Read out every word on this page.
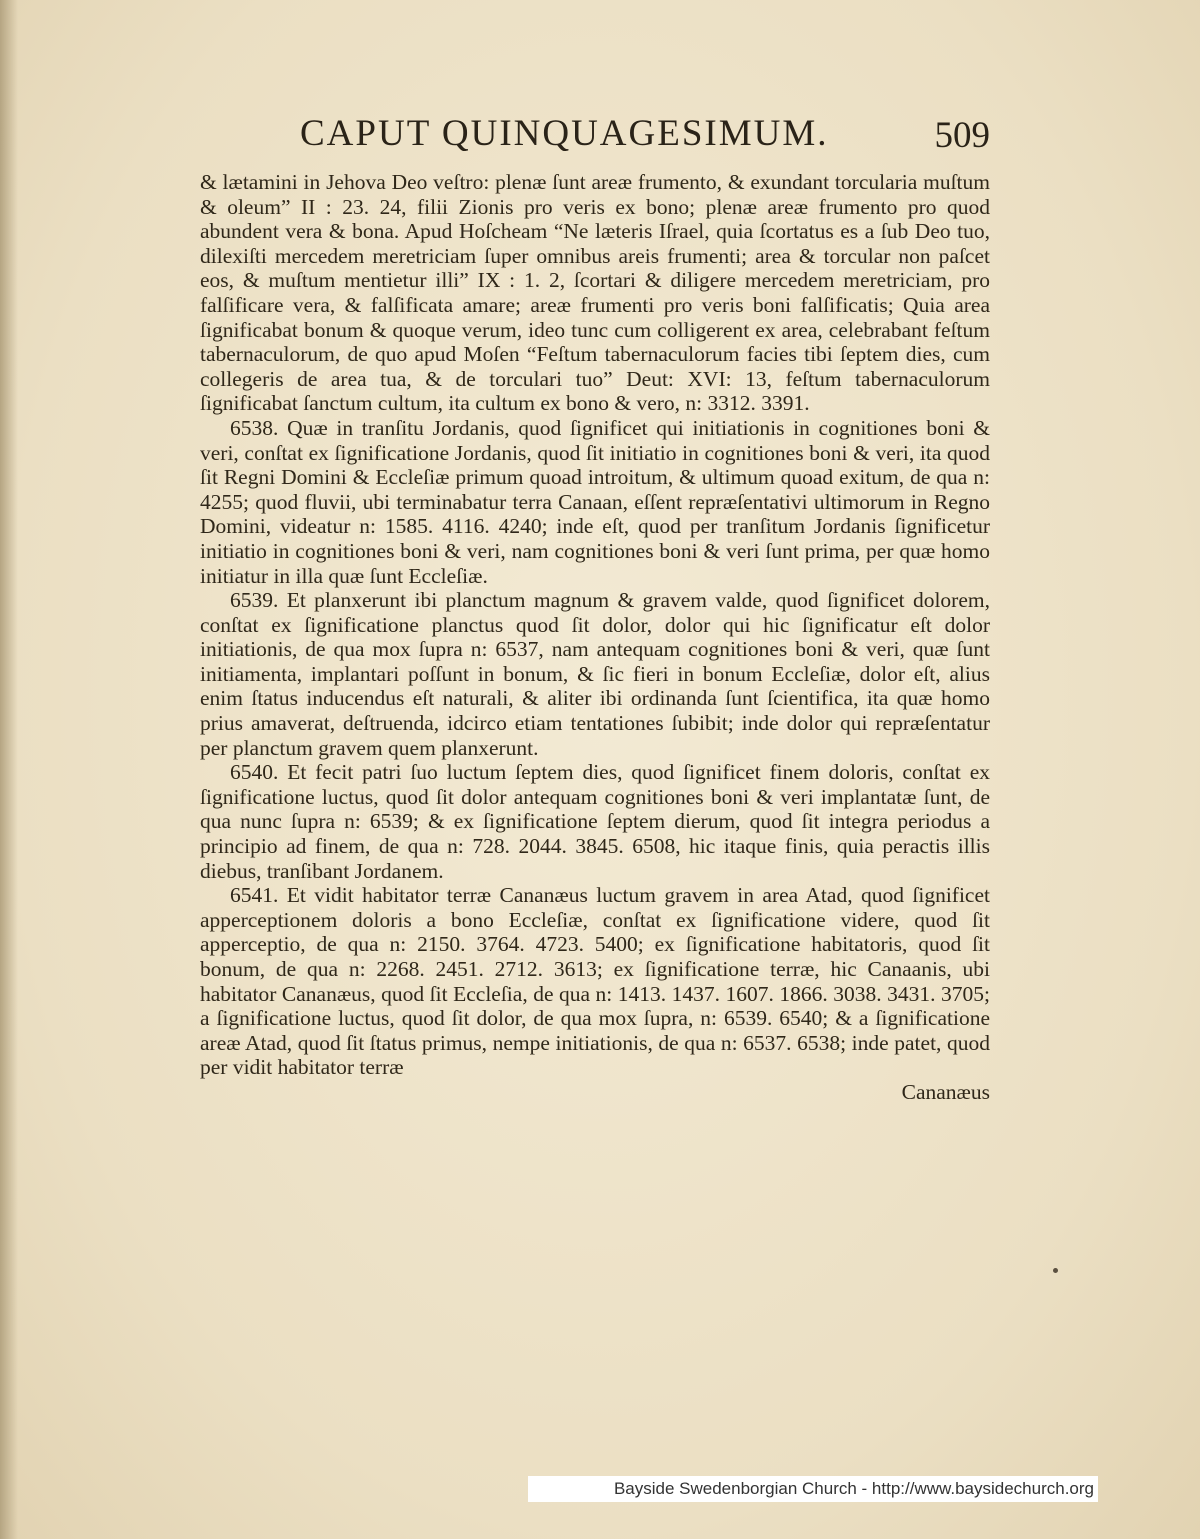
CAPUT QUINQUAGESIMUM.	509

& lætamini in Jehova Deo veſtro: plenæ ſunt areæ frumento, & exundant torcularia muſtum & oleum” II : 23. 24, filii Zionis pro veris ex bono; plenæ areæ frumento pro quod abundent vera & bona. Apud Hoſcheam “Ne læteris Iſrael, quia ſcortatus es a ſub Deo tuo, dilexiſti mercedem meretriciam ſuper omnibus areis frumenti; area & torcular non paſcet eos, & muſtum mentietur illi” IX : 1. 2, ſcortari & diligere mercedem meretriciam, pro falſificare vera, & falſificata amare; areæ frumenti pro veris boni falſificatis; Quia area ſignificabat bonum & quoque verum, ideo tunc cum colligerent ex area, celebrabant feſtum tabernaculorum, de quo apud Moſen “Feſtum tabernaculorum facies tibi ſeptem dies, cum collegeris de area tua, & de torculari tuo” Deut: XVI: 13, feſtum tabernaculorum ſignificabat ſanctum cultum, ita cultum ex bono & vero, n: 3312. 3391.

6538. Quæ in tranſitu Jordanis, quod ſignificet qui initiationis in cognitiones boni & veri, conſtat ex ſignificatione Jordanis, quod ſit initiatio in cognitiones boni & veri, ita quod ſit Regni Domini & Eccleſiæ primum quoad introitum, & ultimum quoad exitum, de qua n: 4255; quod fluvii, ubi terminabatur terra Canaan, eſſent repræſentativi ultimorum in Regno Domini, videatur n: 1585. 4116. 4240; inde eſt, quod per tranſitum Jordanis ſignificetur initiatio in cognitiones boni & veri, nam cognitiones boni & veri ſunt prima, per quæ homo initiatur in illa quæ ſunt Eccleſiæ.

6539. Et planxerunt ibi planctum magnum & gravem valde, quod ſignificet dolorem, conſtat ex ſignificatione planctus quod ſit dolor, dolor qui hic ſignificatur eſt dolor initiationis, de qua mox ſupra n: 6537, nam antequam cognitiones boni & veri, quæ ſunt initiamenta, implantari poſſunt in bonum, & ſic fieri in bonum Eccleſiæ, dolor eſt, alius enim ſtatus inducendus eſt naturali, & aliter ibi ordinanda ſunt ſcientifica, ita quæ homo prius amaverat, deſtruenda, idcirco etiam tentationes ſubibit; inde dolor qui repræſentatur per planctum gravem quem planxerunt.

6540. Et fecit patri ſuo luctum ſeptem dies, quod ſignificet finem doloris, conſtat ex ſignificatione luctus, quod ſit dolor antequam cognitiones boni & veri implantatæ ſunt, de qua nunc ſupra n: 6539; & ex ſignificatione ſeptem dierum, quod ſit integra periodus a principio ad finem, de qua n: 728. 2044. 3845. 6508, hic itaque finis, quia peractis illis diebus, tranſibant Jordanem.

6541. Et vidit habitator terræ Cananæus luctum gravem in area Atad, quod ſignificet apperceptionem doloris a bono Eccleſiæ, conſtat ex ſignificatione videre, quod ſit apperceptio, de qua n: 2150. 3764. 4723. 5400; ex ſignificatione habitatoris, quod ſit bonum, de qua n: 2268. 2451. 2712. 3613; ex ſignificatione terræ, hic Canaanis, ubi habitator Cananæus, quod ſit Eccleſia, de qua n: 1413. 1437. 1607. 1866. 3038. 3431. 3705; a ſignificatione luctus, quod ſit dolor, de qua mox ſupra, n: 6539. 6540; & a ſignificatione areæ Atad, quod ſit ſtatus primus, nempe initiationis, de qua n: 6537. 6538; inde patet, quod per vidit habitator terræ

Cananæus
Bayside Swedenborgian Church - http://www.baysidechurch.org
